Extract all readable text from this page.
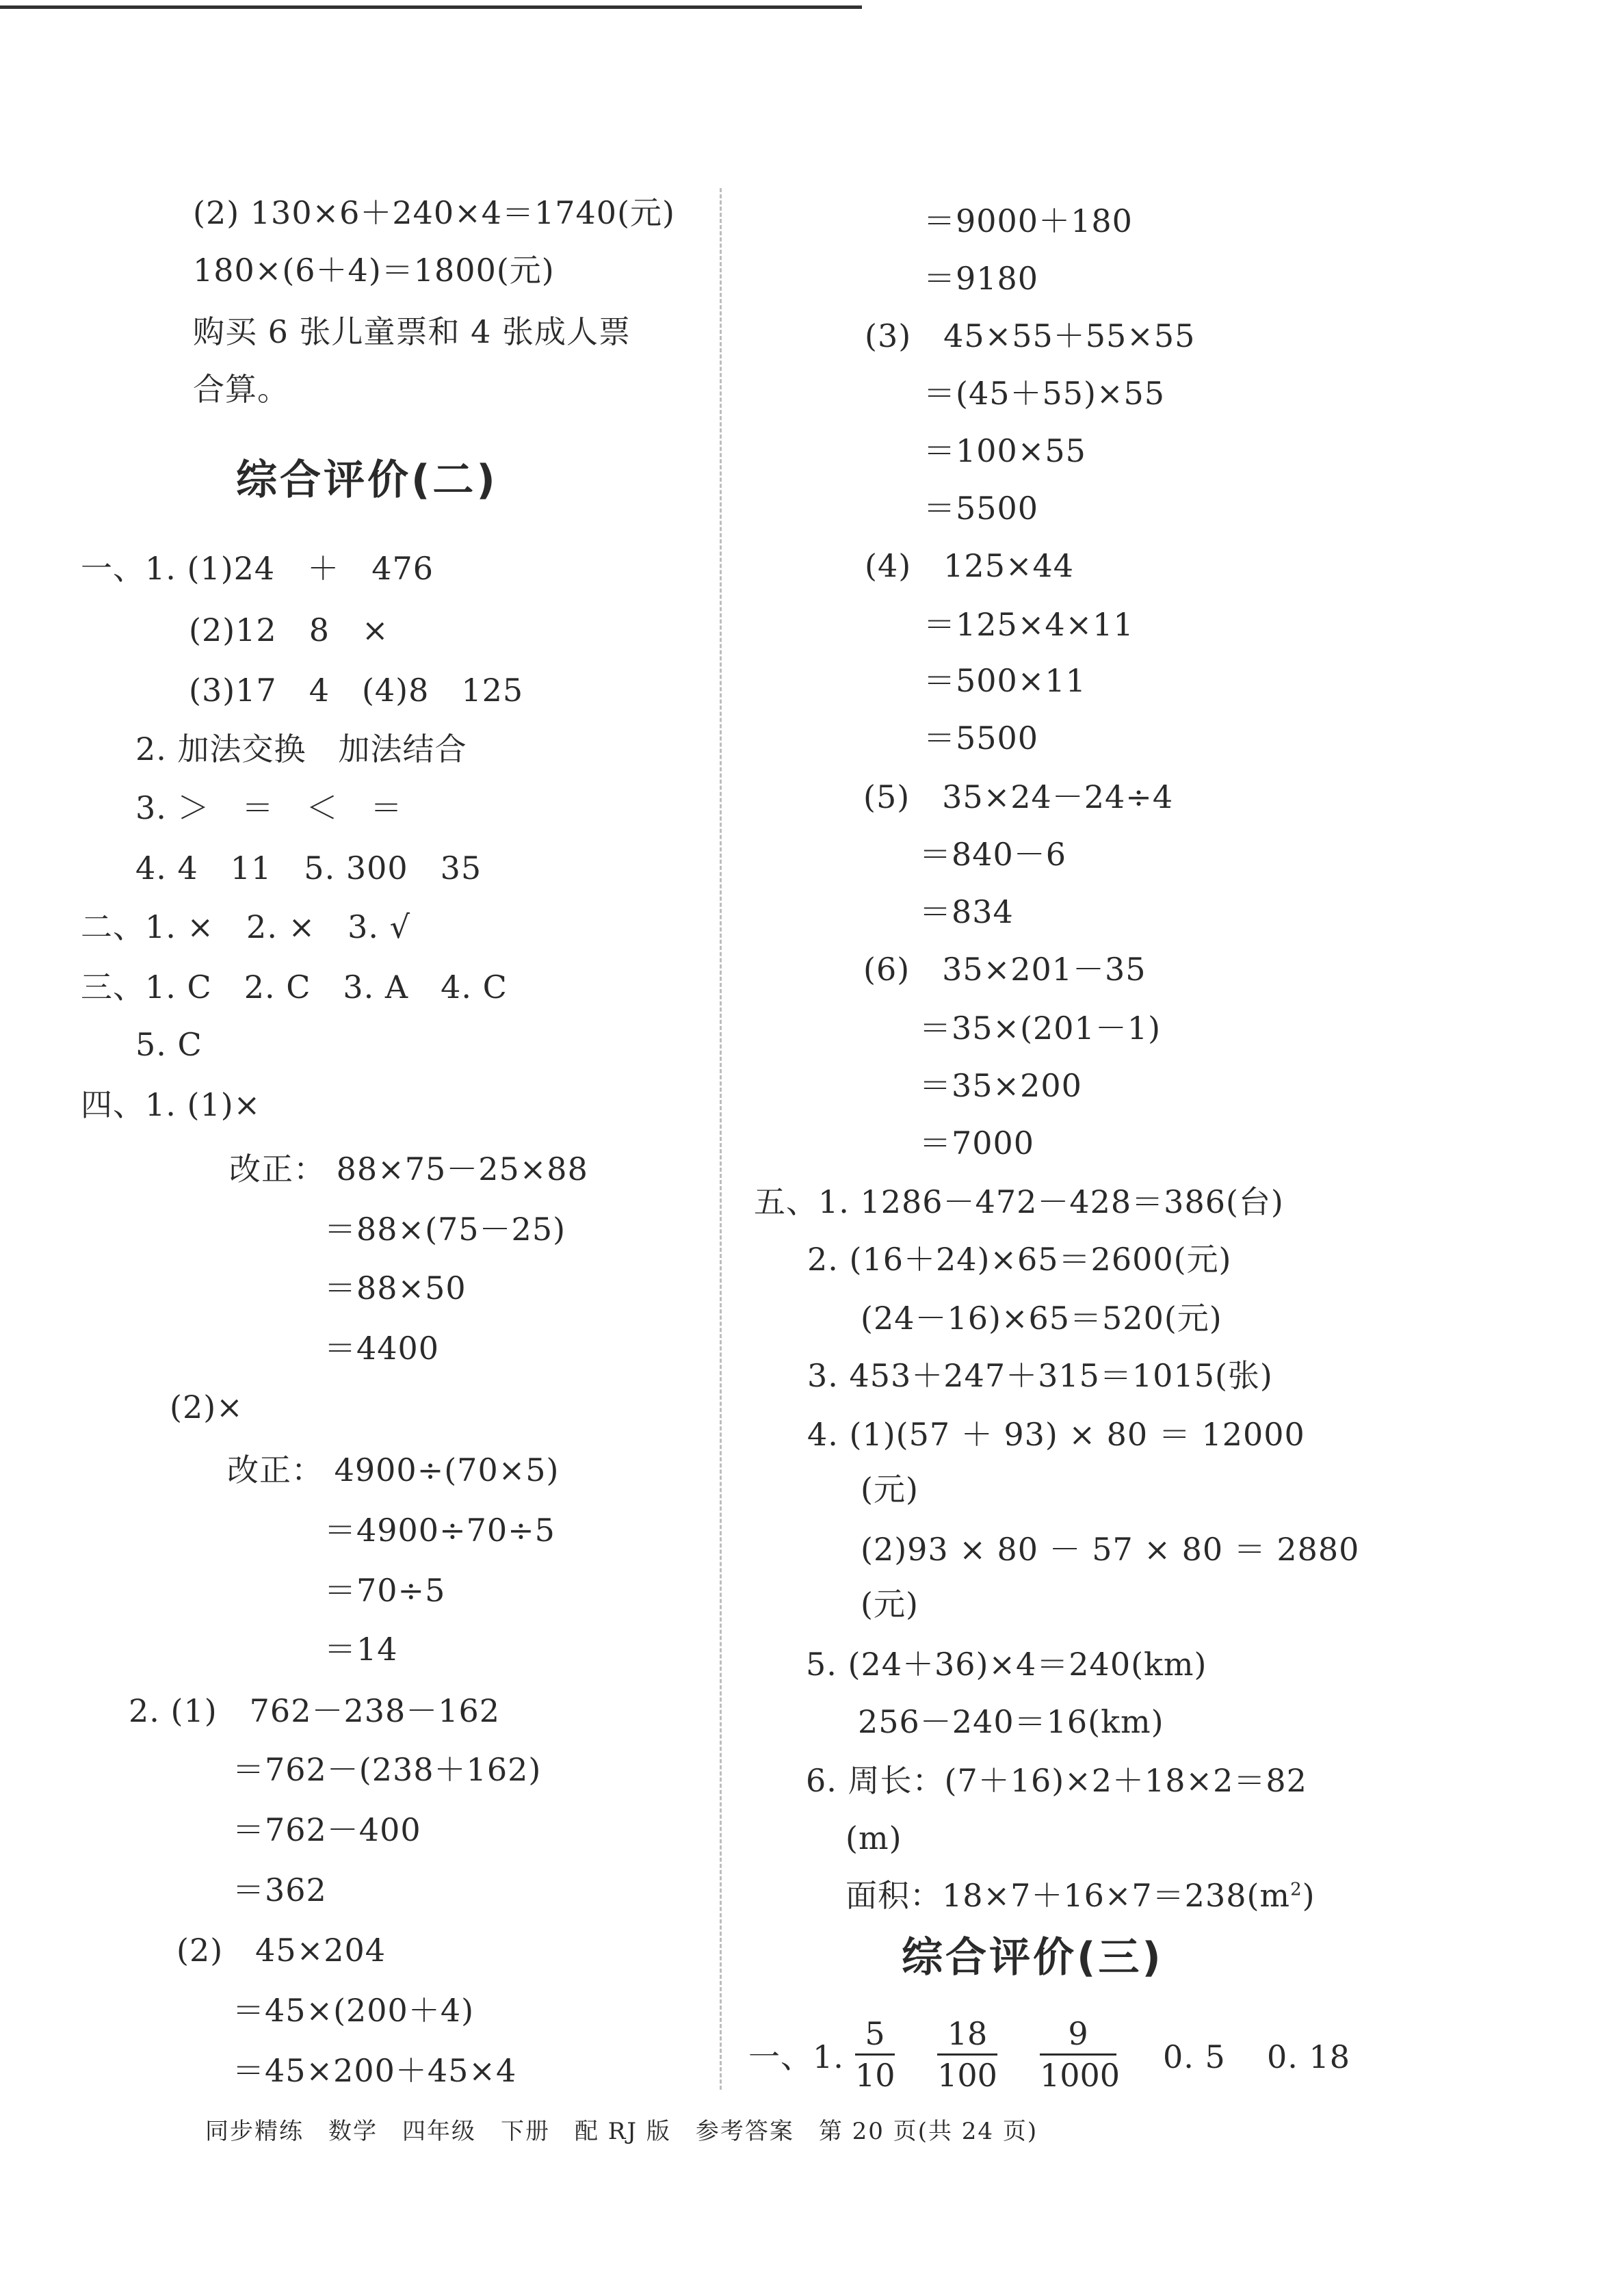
(2) 130×6＋240×4＝1740(元)
180×(6＋4)＝1800(元)
购买 6 张儿童票和 4 张成人票
合算。
综合评价(二)
一、1. (1)24　＋　476
(2)12　8　×
(3)17　4　(4)8　125
2. 加法交换　加法结合
3. ＞　＝　＜　＝
4. 4　11　5. 300　35
二、1. ×　2. ×　3. √
三、1. C　2. C　3. A　4. C
5. C
四、1. (1)×
改正： 88×75－25×88
＝88×(75－25)
＝88×50
＝4400
(2)×
改正： 4900÷(70×5)
＝4900÷70÷5
＝70÷5
＝14
2. (1)　762－238－162
＝762－(238＋162)
＝762－400
＝362
(2)　45×204
＝45×(200＋4)
＝45×200＋45×4
＝9000＋180
＝9180
(3)　45×55＋55×55
＝(45＋55)×55
＝100×55
＝5500
(4)　125×44
＝125×4×11
＝500×11
＝5500
(5)　35×24－24÷4
＝840－6
＝834
(6)　35×201－35
＝35×(201－1)
＝35×200
＝7000
五、1. 1286－472－428＝386(台)
2. (16＋24)×65＝2600(元)
(24－16)×65＝520(元)
3. 453＋247＋315＝1015(张)
4. (1)(57 ＋ 93) × 80 ＝ 12000
(元)
(2)93 × 80 － 57 × 80 ＝ 2880
(元)
5. (24＋36)×4＝240(km)
256－240＝16(km)
6. 周长：(7＋16)×2＋18×2＝82
(m)
面积：$18\times 7+16\times 7=238(m^2)$
综合评价(三)
一、1.
5
10
18
100
9
1000 0. 5 0. 18
同步精练　数学　四年级　下册　配 RJ 版　参考答案　第 20 页(共 24 页)
